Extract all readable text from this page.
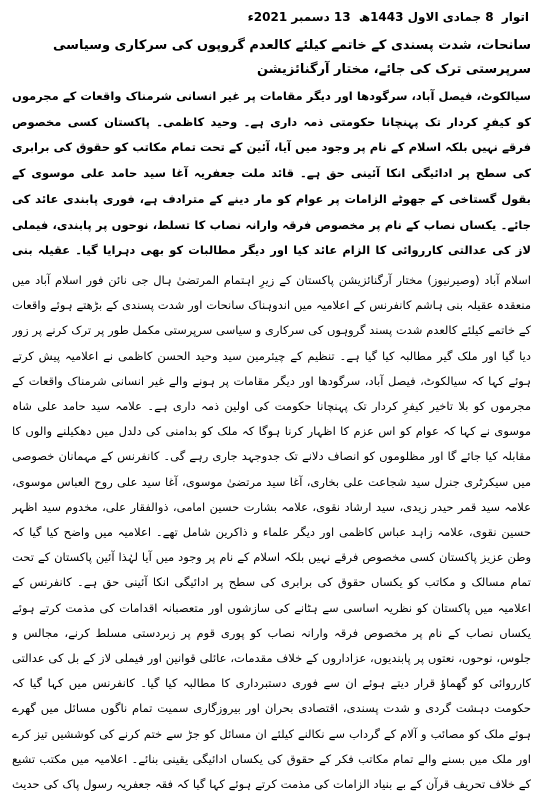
اتوار 8 جمادی الاول 1443ھ 13 دسمبر 2021ء
سانحات، شدت پسندی کے خاتمے کیلئے کالعدم گروپوں کی سرکاری وسیاسی سرپرستی ترک کی جائے، مختار آرگنائزیشن
سیالکوٹ، فیصل آباد، سرگودھا اور دیگر مقامات پر غیر انسانی شرمناک واقعات کے مجرموں کو کیفرِ کردار تک پہنچانا حکومتی ذمہ داری ہے۔ وحید کاظمی۔ پاکستان کسی مخصوص فرقے نہیں بلکہ اسلام کے نام پر وجود میں آیا، آئین کے تحت تمام مکاتب کو حقوق کی برابری کی سطح پر ادائیگی انکا آئینی حق ہے۔ قائد ملت جعفریہ آغا سید حامد علی موسوی کے بقول گستاخی کے جھوٹے الزامات پر عوام کو مار دینے کے مترادف ہے، فوری پابندی عائد کی جائے۔ یکساں نصاب کے نام پر مخصوص فرقہ وارانہ نصاب کا تسلط، نوحوں پر پابندی، فیملی لاز کی عدالتی کارروائی کا الزام عائد کیا اور دیگر مطالبات کو بھی دہرایا گیا۔ عقیلہ بنی

اسلام آباد (وصیرنیوز) مختار آرگنائزیشن پاکستان کے زیرِ اہتمام المرتضیٰ ہال جی نائن فور اسلام آباد میں منعقدہ عقیلہ بنی ہاشم کانفرنس کے اعلامیہ میں اندوہناک سانحات اور شدت پسندی کے بڑھتے ہوئے واقعات کے خاتمے کیلئے کالعدم شدت پسند گروہوں کی سرکاری و سیاسی سرپرستی مکمل طور پر ترک کرنے پر زور دیا گیا اور ملک گیر مطالبہ کیا گیا ہے۔ تنظیم کے چیئرمین سید وحید الحسن کاظمی نے اعلامیہ پیش کرتے ہوئے کہا کہ سیالکوٹ، فیصل آباد، سرگودھا اور دیگر مقامات پر ہونے والے غیر انسانی شرمناک واقعات کے مجرموں کو بلا تاخیر کیفرِ کردار تک پہنچانا حکومت کی اولین ذمہ داری ہے۔ علامہ سید حامد علی شاہ موسوی نے کہا کہ عوام کو اس عزم کا اظہار کرنا ہوگا کہ ملک کو بدامنی کی دلدل میں دھکیلنے والوں کا مقابلہ کیا جائے گا اور مظلوموں کو انصاف دلانے تک جدوجہد جاری رہے گی۔ کانفرنس کے مہمانان خصوصی میں سیکرٹری جنرل سید شجاعت علی بخاری، آغا سید مرتضیٰ موسوی، آغا سید علی روح العباس موسوی، علامہ سید قمر حیدر زیدی، سید ارشاد نقوی، علامہ بشارت حسین امامی، ذوالفقار علی، مخدوم سید اظہر حسین نقوی، علامہ زاہد عباس کاظمی اور دیگر علماء و ذاکرین شامل تھے۔ اعلامیہ میں واضح کیا گیا کہ وطن عزیز پاکستان کسی مخصوص فرقے نہیں بلکہ اسلام کے نام پر وجود میں آیا لہٰذا آئین پاکستان کے تحت تمام مسالک و مکاتب کو یکساں حقوق کی برابری کی سطح پر ادائیگی انکا آئینی حق ہے۔ کانفرنس کے اعلامیہ میں پاکستان کو نظریہ اساسی سے ہٹانے کی سازشوں اور متعصبانہ اقدامات کی مذمت کرتے ہوئے یکساں نصاب کے نام پر مخصوص فرقہ وارانہ نصاب کو پوری قوم پر زبردستی مسلط کرنے، مجالس و جلوس، نوحوں، نعتوں پر پابندیوں، عزاداروں کے خلاف مقدمات، عائلی قوانین اور فیملی لاز کے بل کی عدالتی کارروائی کو گھماؤ قرار دیتے ہوئے ان سے فوری دستبرداری کا مطالبہ کیا گیا۔ کانفرنس میں کہا گیا کہ حکومت دہشت گردی و شدت پسندی، اقتصادی بحران اور بیروزگاری سمیت تمام ناگوں مسائل میں گھرے ہوئے ملک کو مصائب و آلام کے گرداب سے نکالنے کیلئے ان مسائل کو جڑ سے ختم کرنے کی کوششیں تیز کرے اور ملک میں بسنے والے تمام مکاتب فکر کے حقوق کی یکساں ادائیگی یقینی بنائے۔ اعلامیہ میں مکتب تشیع کے خلاف تحریف قرآن کے بے بنیاد الزامات کی مذمت کرتے ہوئے کہا گیا کہ فقہ جعفریہ رسول پاک کی حدیث
